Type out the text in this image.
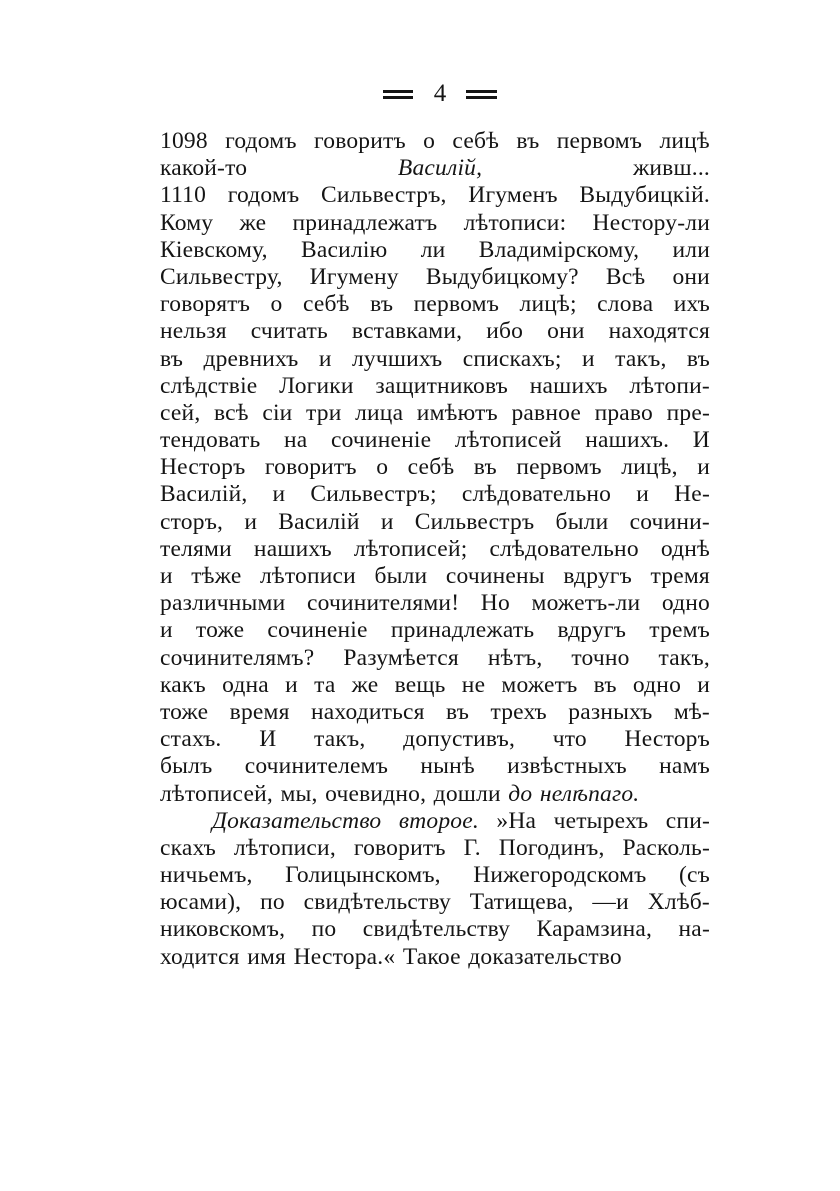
4
1098 годомъ говоритъ о себѣ въ первомъ лицѣ
какой-то	Василій,	живш...
1110 годомъ Сильвестръ, Игуменъ Выдубицкій.
Кому же принадлежатъ лѣтописи: Нестору-ли
Кіевскому, Василію ли Владимірскому, или
Сильвестру, Игумену Выдубицкому? Всѣ они
говорятъ о себѣ въ первомъ лицѣ; слова ихъ
нельзя считать вставками, ибо они находятся
въ древнихъ и лучшихъ спискахъ; и такъ, въ
слѣдствіе Логики защитниковъ нашихъ лѣтопи-
сей, всѣ сіи три лица имѣютъ равное право пре-
тендовать на сочиненіе лѣтописей нашихъ. И
Несторъ говоритъ о себѣ въ первомъ лицѣ, и
Василій, и Сильвестръ; слѣдовательно и Не-
сторъ, и Василій и Сильвестръ были сочини-
телями нашихъ лѣтописей; слѣдовательно однѣ
и тѣже лѣтописи были сочинены вдругъ тремя
различными сочинителями! Но можетъ-ли одно
и тоже сочиненіе принадлежать вдругъ тремъ
сочинителямъ? Разумѣется нѣтъ, точно такъ,
какъ одна и та же вещь не можетъ въ одно и
тоже время находиться въ трехъ разныхъ мѣ-
стахъ. И такъ, допустивъ, что Несторъ
былъ сочинителемъ нынѣ извѣстныхъ намъ
лѣтописей, мы, очевидно, дошли до нелѣпаго.
Доказательство второе. »На четырехъ спи-
скахъ лѣтописи, говоритъ Г. Погодинъ, Расколь-
ничьемъ, Голицынскомъ, Нижегородскомъ (съ
юсами), по свидѣтельству Татищева, —и Хлѣб-
никовскомъ, по свидѣтельству Карамзина, на-
ходится имя Нестора.« Такое доказательство
